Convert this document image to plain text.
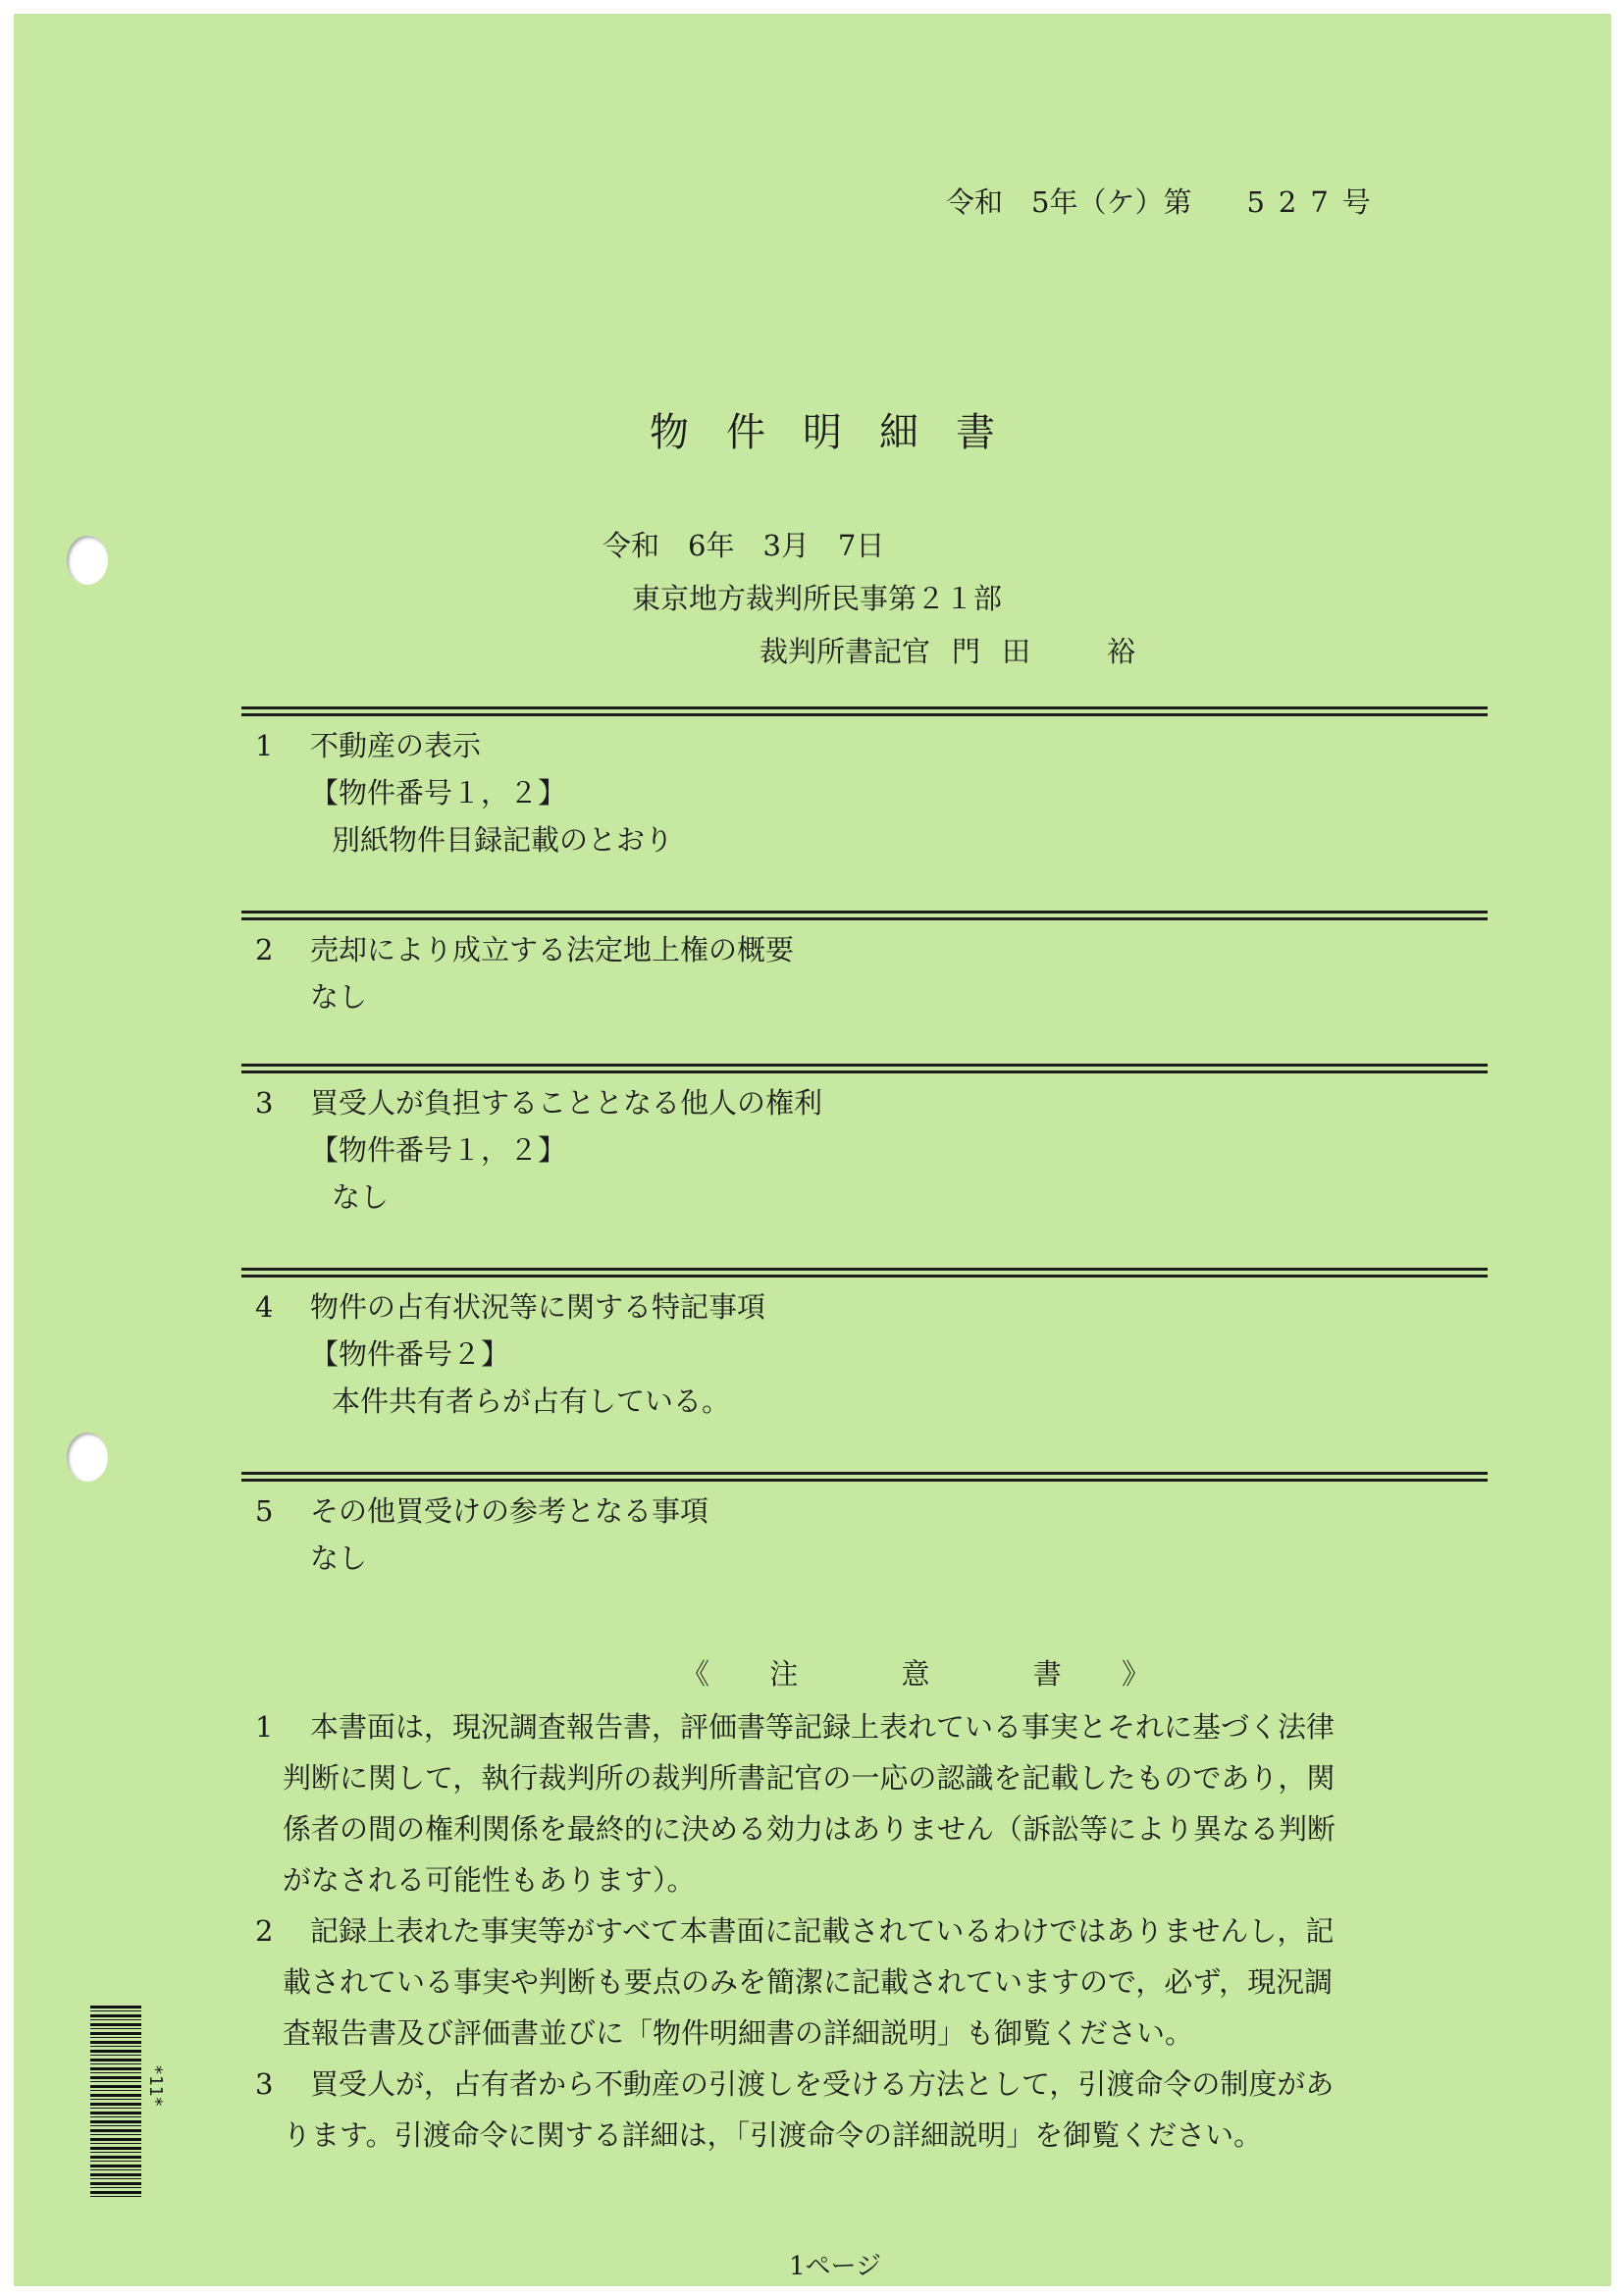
令和　5年（ケ）第 527号
物件明細書
令和　6年　3月　7日
東京地方裁判所民事第２１部
裁判所書記官 門田 裕
1 不動産の表示
【物件番号１，２】
別紙物件目録記載のとおり
2 売却により成立する法定地上権の概要
なし
3 買受人が負担することとなる他人の権利
【物件番号１，２】
なし
4 物件の占有状況等に関する特記事項
【物件番号２】
本件共有者らが占有している。
5 その他買受けの参考となる事項
なし
《 注	意	書 》
1 本書面は，現況調査報告書，評価書等記録上表れている事実とそれに基づく法律
判断に関して，執行裁判所の裁判所書記官の一応の認識を記載したものであり，関
係者の間の権利関係を最終的に決める効力はありません（訴訟等により異なる判断
がなされる可能性もあります）。
2 記録上表れた事実等がすべて本書面に記載されているわけではありませんし，記
載されている事実や判断も要点のみを簡潔に記載されていますので，必ず，現況調
査報告書及び評価書並びに「物件明細書の詳細説明」も御覧ください。
3 買受人が，占有者から不動産の引渡しを受ける方法として，引渡命令の制度があ
ります。引渡命令に関する詳細は，「引渡命令の詳細説明」を御覧ください。
*11*
1ページ
